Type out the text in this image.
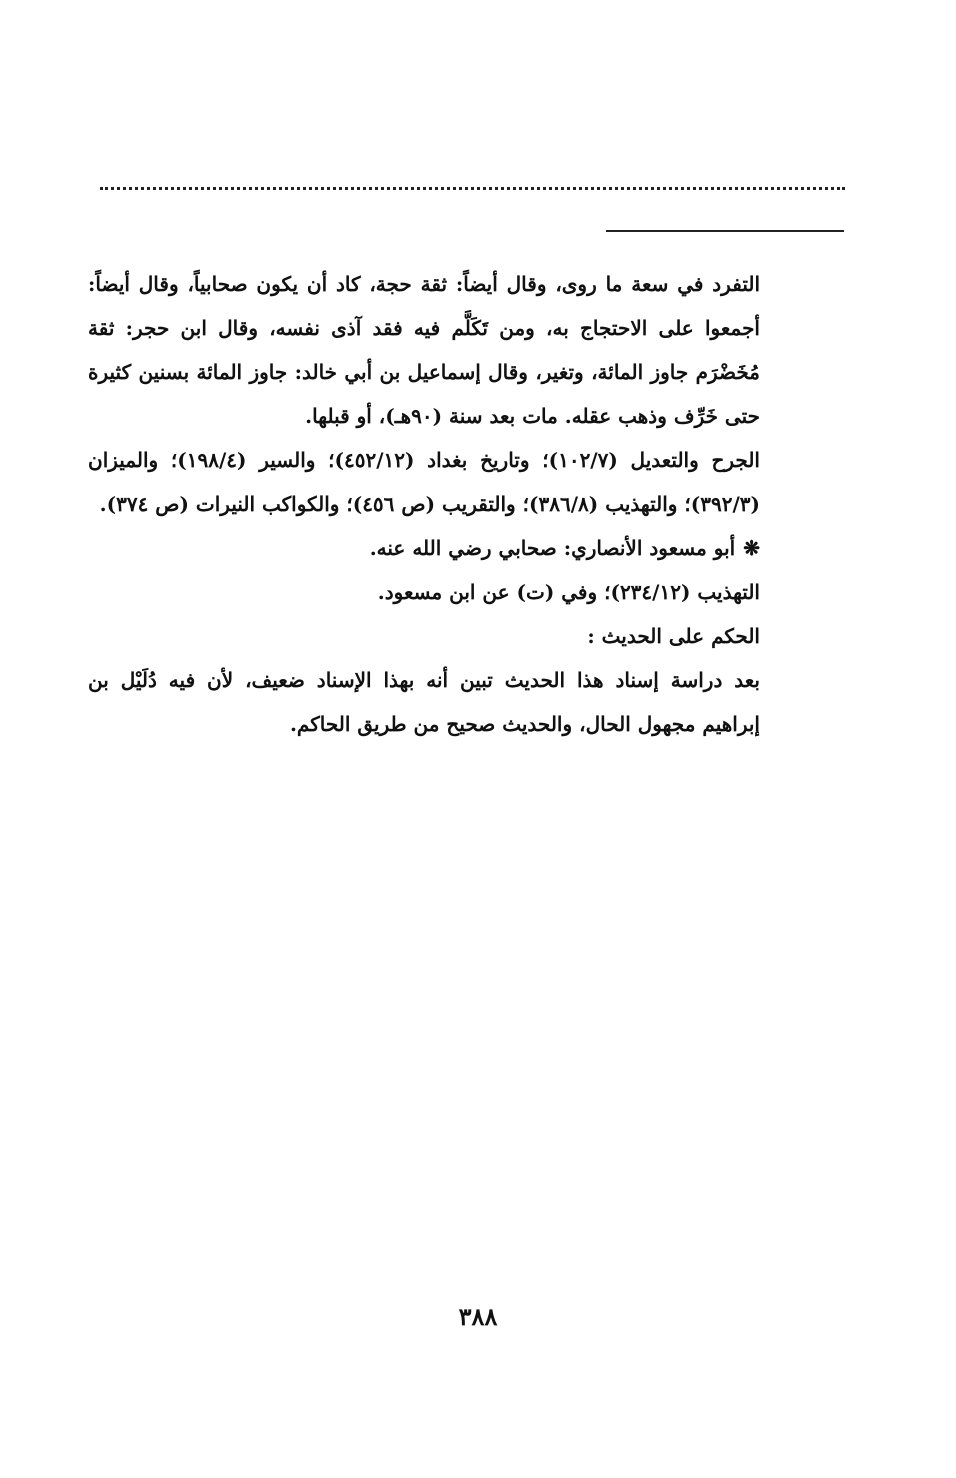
التفرد في سعة ما روى، وقال أيضاً: ثقة حجة، كاد أن يكون صحابياً، وقال أيضاً: أجمعوا على الاحتجاج به، ومن تَكَلَّم فيه فقد آذى نفسه، وقال ابن حجر: ثقة مُخَضْرَم جاوز المائة، وتغير، وقال إسماعيل بن أبي خالد: جاوز المائة بسنين كثيرة حتى خَرِّف وذهب عقله. مات بعد سنة (٩٠هـ)، أو قبلها.

الجرح والتعديل (١٠٢/٧)؛ وتاريخ بغداد (٤٥٢/١٢)؛ والسير (١٩٨/٤)؛ والميزان (٣٩٢/٣)؛ والتهذيب (٣٨٦/٨)؛ والتقريب (ص ٤٥٦)؛ والكواكب النيرات (ص ٣٧٤).

❋أبو مسعود الأنصاري: صحابي رضي الله عنه.

التهذيب (٢٣٤/١٢)؛ وفي (ت) عن ابن مسعود.

الحكم على الحديث :

بعد دراسة إسناد هذا الحديث تبين أنه بهذا الإسناد ضعيف، لأن فيه دُلَيْل بن إبراهيم مجهول الحال، والحديث صحيح من طريق الحاكم.

٣٨٨
